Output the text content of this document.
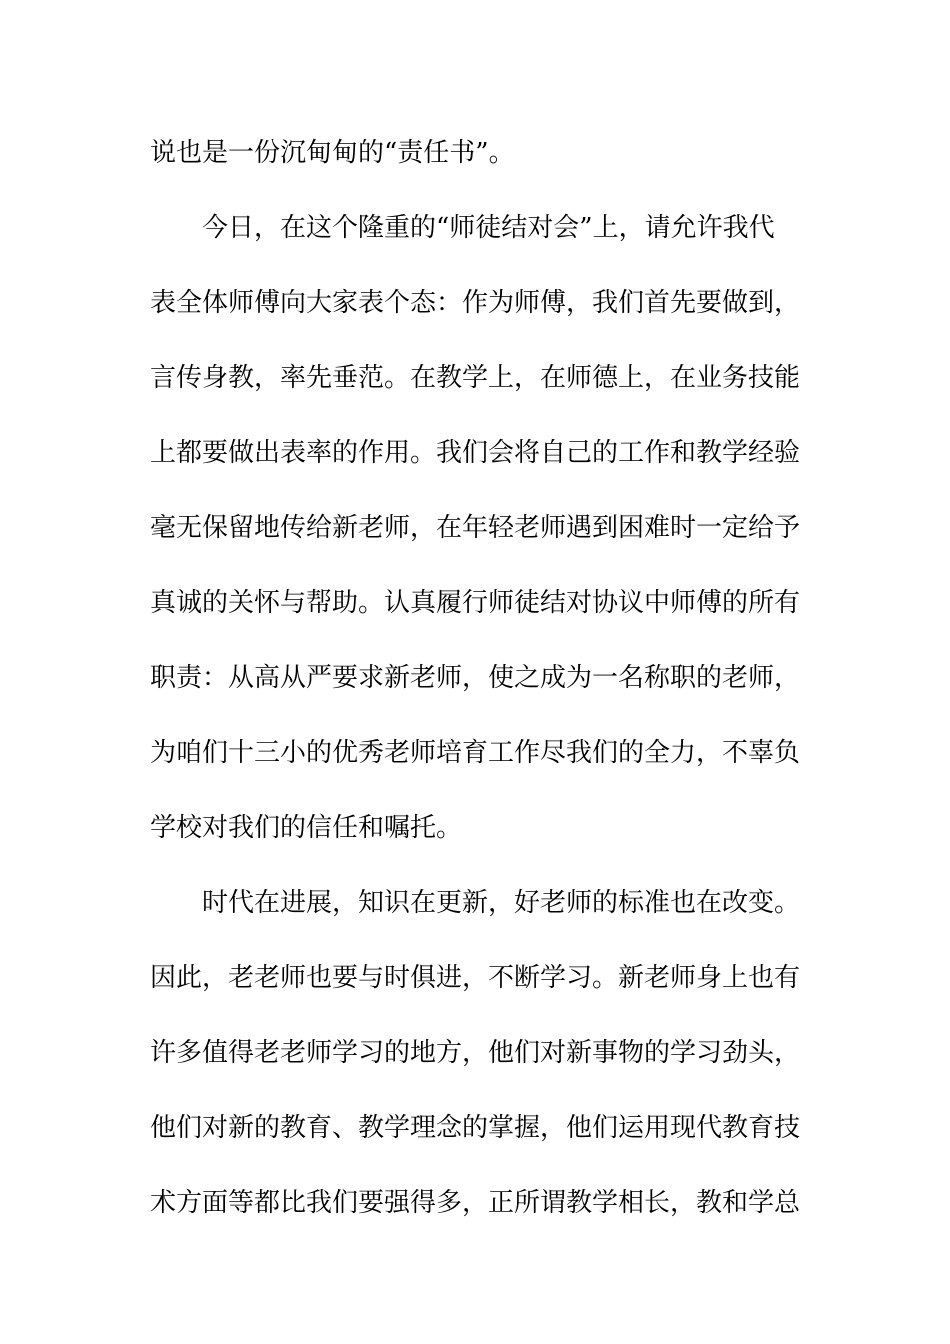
说也是一份沉甸甸的“责任书”。

今日，在这个隆重的“师徒结对会”上，请允许我代

表全体师傅向大家表个态：作为师傅，我们首先要做到，

言传身教，率先垂范。在教学上，在师德上，在业务技能

上都要做出表率的作用。我们会将自己的工作和教学经验

毫无保留地传给新老师，在年轻老师遇到困难时一定给予

真诚的关怀与帮助。认真履行师徒结对协议中师傅的所有

职责：从高从严要求新老师，使之成为一名称职的老师，

为咱们十三小的优秀老师培育工作尽我们的全力，不辜负

学校对我们的信任和嘱托。

时代在进展，知识在更新，好老师的标准也在改变。

因此，老老师也要与时俱进，不断学习。新老师身上也有

许多值得老老师学习的地方，他们对新事物的学习劲头，

他们对新的教育、教学理念的掌握，他们运用现代教育技

术方面等都比我们要强得多，正所谓教学相长，教和学总
